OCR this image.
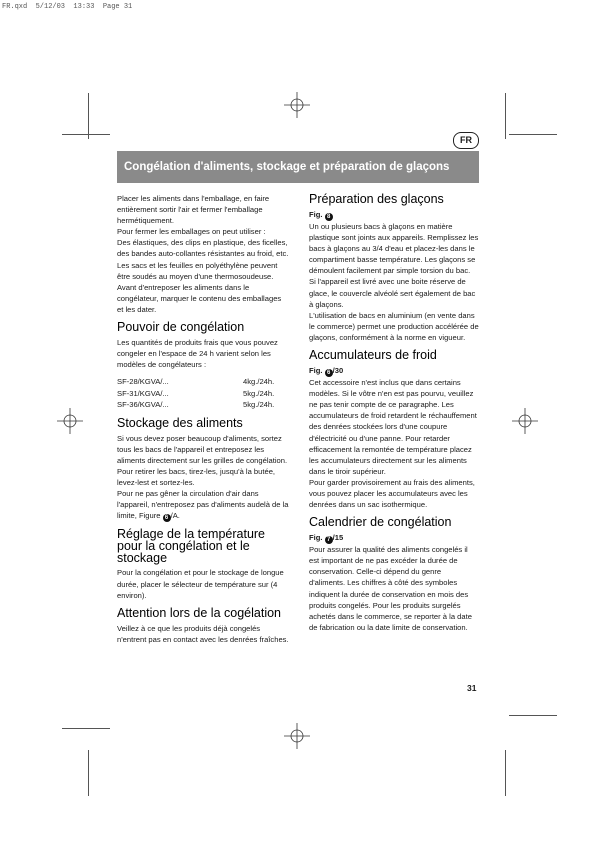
FR.qxd  5/12/03  13:33  Page 31
FR
Congélation d'aliments, stockage et préparation de glaçons

Placer les aliments dans l'emballage, en faire entièrement sortir l'air et fermer l'emballage hermétiquement.

Pour fermer les emballages on peut utiliser :

Des élastiques, des clips en plastique, des ficelles, des bandes auto-collantes résistantes au froid, etc. Les sacs et les feuilles en polyéthylène peuvent être soudés au moyen d'une thermosoudeuse.

Avant d'entreposer les aliments dans le congélateur, marquer le contenu des emballages et les dater.

Pouvoir de congélation

Les quantités de produits frais que vous pouvez congeler en l'espace de 24 h varient selon les modèles de congélateurs :

SF-28/KGVA/...	4kg./24h.
SF-31/KGVA/...	5kg./24h.
SF-36/KGVA/...	5kg./24h.
Stockage des aliments

Si vous devez poser beaucoup d'aliments, sortez tous les bacs de l'appareil et entreposez les aliments directement sur les grilles de congélation. Pour retirer les bacs, tirez-les, jusqu'à la butée, levez-lest et sortez-les.

Pour ne pas gêner la circulation d'air dans l'appareil, n'entreposez pas d'aliments audelà de la limite, Figure 6 /A.

Réglage de la température pour la congélation et le stockage

Pour la congélation et pour le stockage de longue durée, placer le sélecteur de température sur (4 environ).

Attention lors de la cogélation

Veillez à ce que les produits déjà congelés n'entrent pas en contact avec les denrées fraîches.

Préparation des glaçons

Fig. 8

Un ou plusieurs bacs à glaçons en matière plastique sont joints aux appareils. Remplissez les bacs à glaçons au 3/4 d'eau et placez-les dans le compartiment basse température. Les glaçons se démoulent facilement par simple torsion du bac.

Si l'appareil est livré avec une boite réserve de glace, le couvercle alvéolé sert également de bac à glaçons.

L'utilisation de bacs en aluminium (en vente dans le commerce) permet une production accélérée de glaçons, conformément à la norme en vigueur.

Accumulateurs de froid

Fig. 6 /30

Cet accessoire n'est inclus que dans certains modèles. Si le vôtre n'en est pas pourvu, veuillez ne pas tenir compte de ce paragraphe. Les accumulateurs de froid retardent le réchauffement des denrées stockées lors d'une coupure d'électricité ou d'une panne. Pour retarder efficacement la remontée de température placez les accumulateurs directement sur les aliments dans le tiroir supérieur.

Pour garder provisoirement au frais des aliments, vous pouvez placer les accumulateurs avec les denrées dans un sac isothermique.

Calendrier de congélation

Fig. 7 /15

Pour assurer la qualité des aliments congelés il est important de ne pas excéder la durée de conservation. Celle-ci dépend du genre d'aliments. Les chiffres à côté des symboles indiquent la durée de conservation en mois des produits congelés. Pour les produits surgelés achetés dans le commerce, se reporter à la date de fabrication ou la date limite de conservation.

31
